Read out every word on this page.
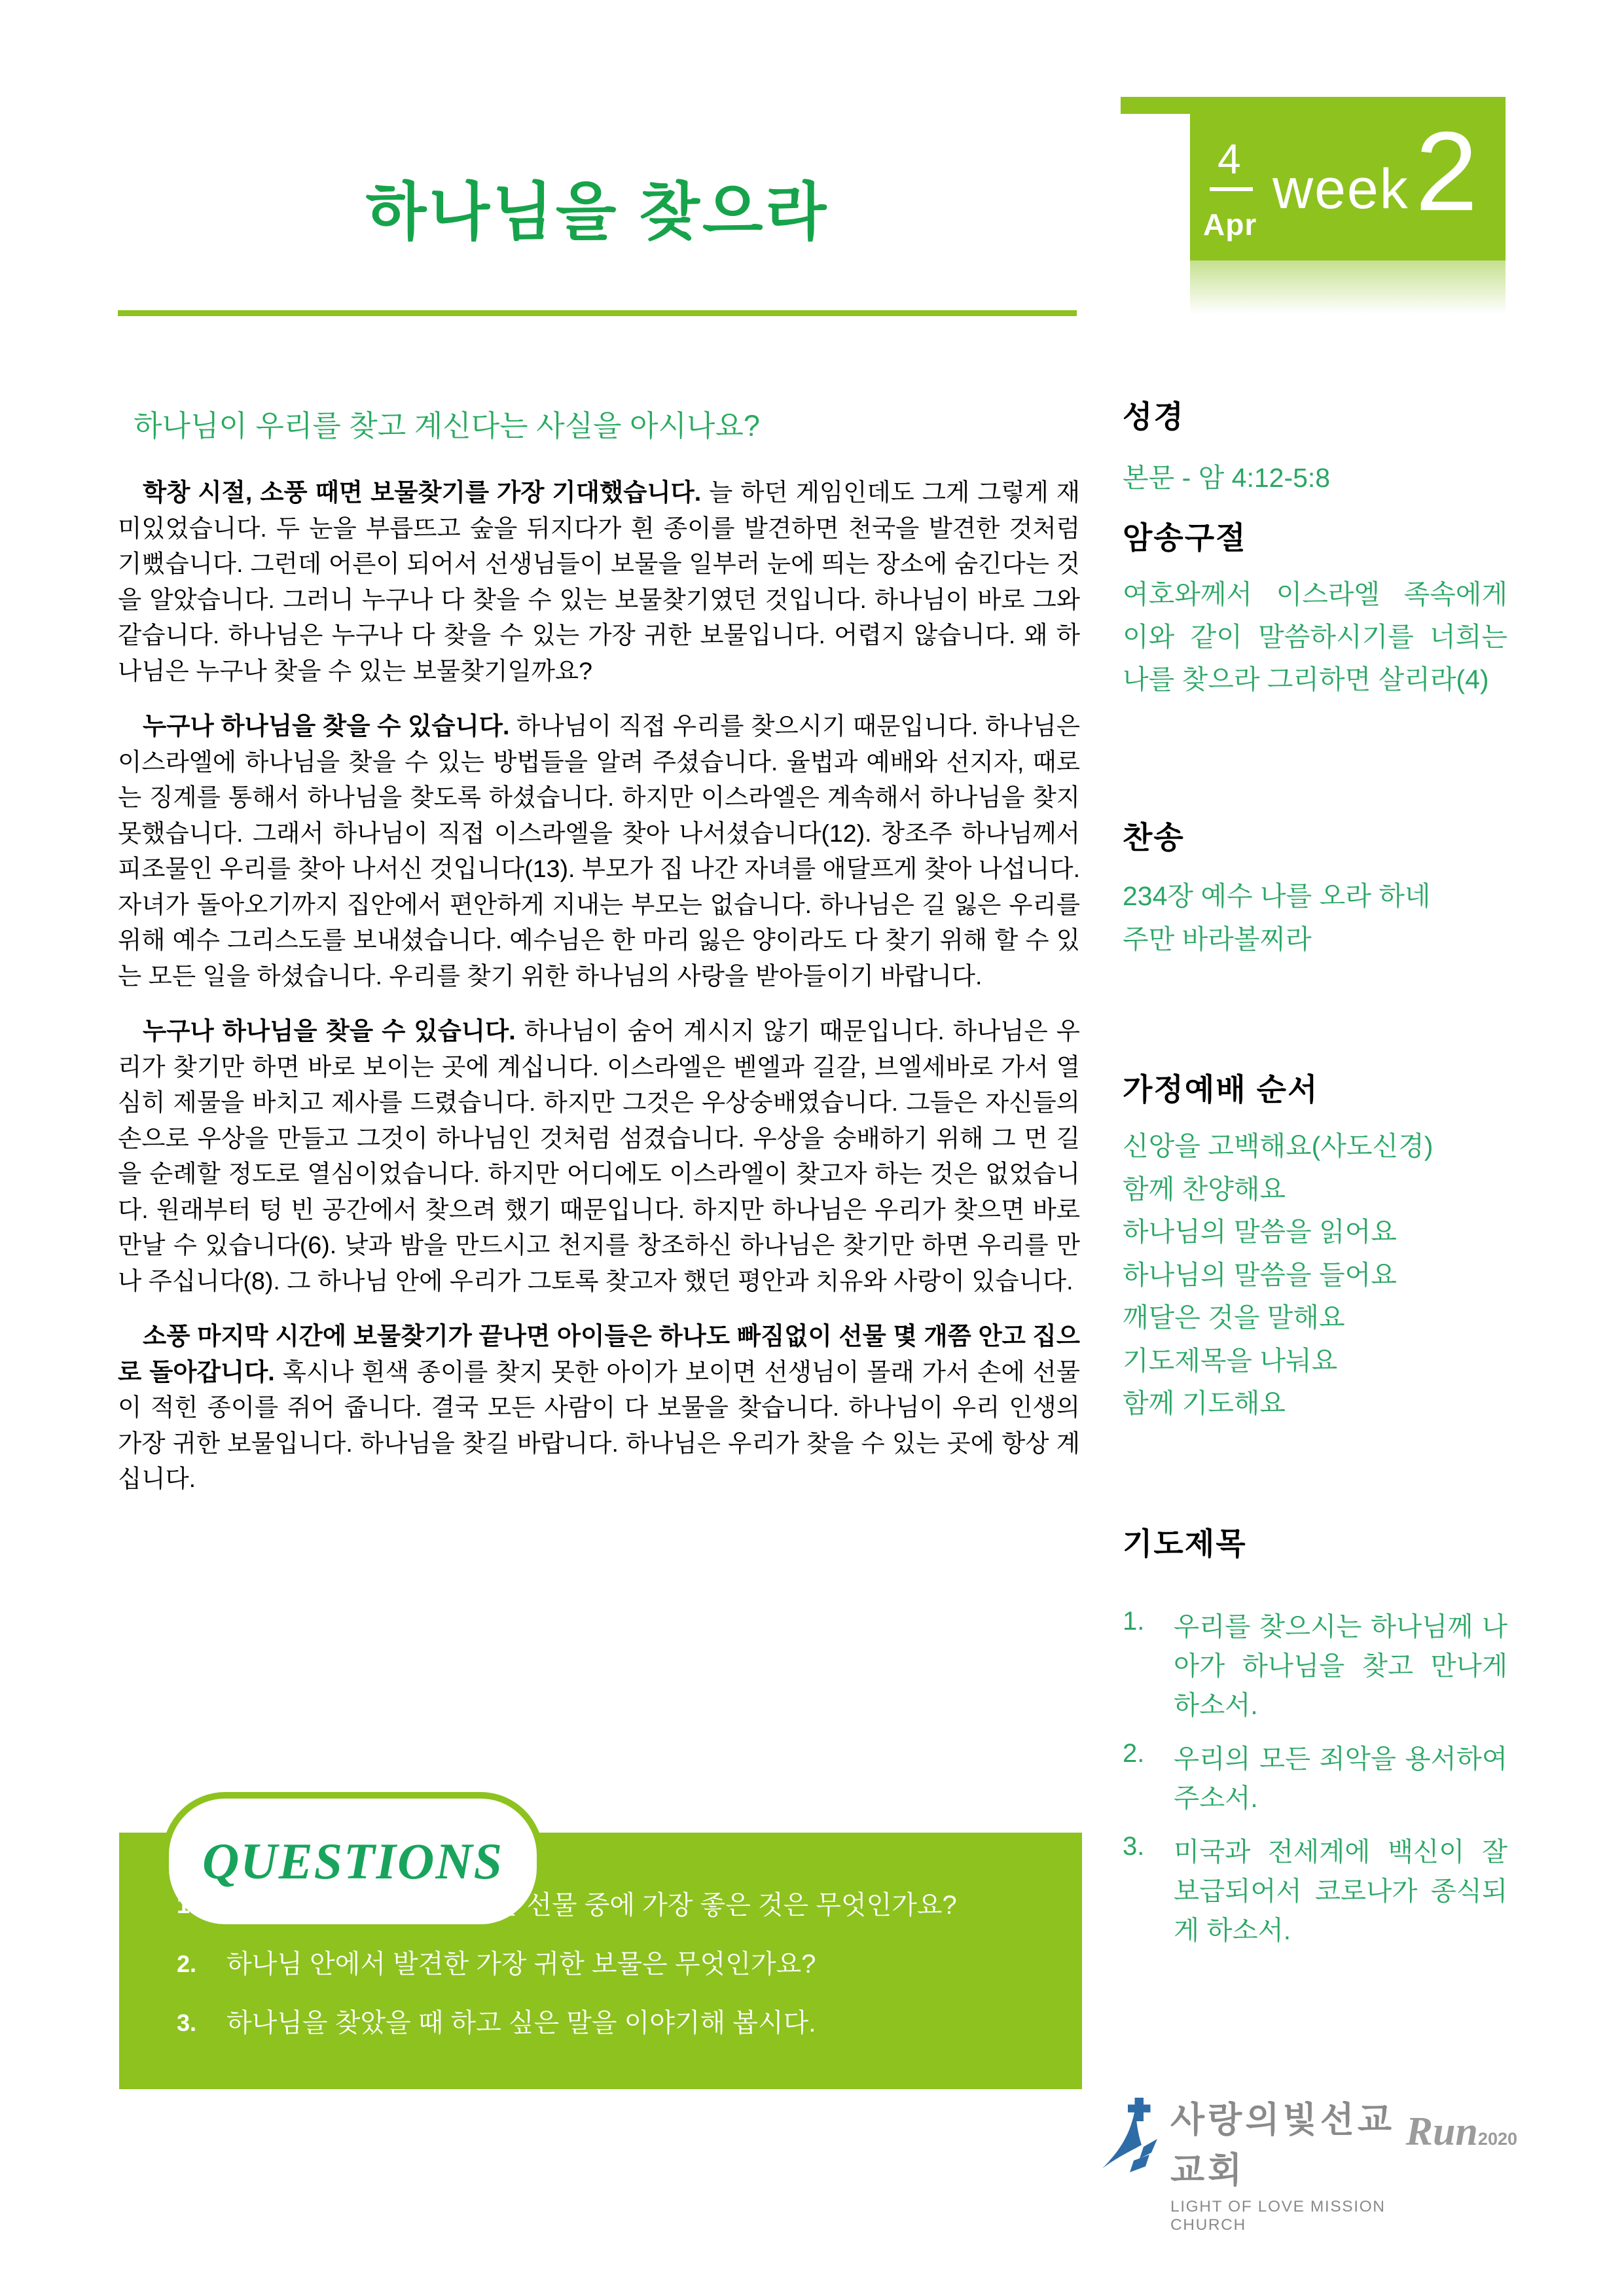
하나님을 찾으라
4
Apr
week 2
하나님이 우리를 찾고 계신다는 사실을 아시나요?

학창 시절, 소풍 때면 보물찾기를 가장 기대했습니다. 늘 하던 게임인데도 그게 그렇게 재미있었습니다. 두 눈을 부릅뜨고 숲을 뒤지다가 흰 종이를 발견하면 천국을 발견한 것처럼 기뻤습니다. 그런데 어른이 되어서 선생님들이 보물을 일부러 눈에 띄는 장소에 숨긴다는 것을 알았습니다. 그러니 누구나 다 찾을 수 있는 보물찾기였던 것입니다. 하나님이 바로 그와 같습니다. 하나님은 누구나 다 찾을 수 있는 가장 귀한 보물입니다. 어렵지 않습니다. 왜 하나님은 누구나 찾을 수 있는 보물찾기일까요?

누구나 하나님을 찾을 수 있습니다. 하나님이 직접 우리를 찾으시기 때문입니다. 하나님은 이스라엘에 하나님을 찾을 수 있는 방법들을 알려 주셨습니다. 율법과 예배와 선지자, 때로는 징계를 통해서 하나님을 찾도록 하셨습니다. 하지만 이스라엘은 계속해서 하나님을 찾지 못했습니다. 그래서 하나님이 직접 이스라엘을 찾아 나서셨습니다(12). 창조주 하나님께서 피조물인 우리를 찾아 나서신 것입니다(13). 부모가 집 나간 자녀를 애달프게 찾아 나섭니다. 자녀가 돌아오기까지 집안에서 편안하게 지내는 부모는 없습니다. 하나님은 길 잃은 우리를 위해 예수 그리스도를 보내셨습니다. 예수님은 한 마리 잃은 양이라도 다 찾기 위해 할 수 있는 모든 일을 하셨습니다. 우리를 찾기 위한 하나님의 사랑을 받아들이기 바랍니다.

누구나 하나님을 찾을 수 있습니다. 하나님이 숨어 계시지 않기 때문입니다. 하나님은 우리가 찾기만 하면 바로 보이는 곳에 계십니다. 이스라엘은 벧엘과 길갈, 브엘세바로 가서 열심히 제물을 바치고 제사를 드렸습니다. 하지만 그것은 우상숭배였습니다. 그들은 자신들의 손으로 우상을 만들고 그것이 하나님인 것처럼 섬겼습니다. 우상을 숭배하기 위해 그 먼 길을 순례할 정도로 열심이었습니다. 하지만 어디에도 이스라엘이 찾고자 하는 것은 없었습니다. 원래부터 텅 빈 공간에서 찾으려 했기 때문입니다. 하지만 하나님은 우리가 찾으면 바로 만날 수 있습니다(6). 낮과 밤을 만드시고 천지를 창조하신 하나님은 찾기만 하면 우리를 만나 주십니다(8). 그 하나님 안에 우리가 그토록 찾고자 했던 평안과 치유와 사랑이 있습니다.

소풍 마지막 시간에 보물찾기가 끝나면 아이들은 하나도 빠짐없이 선물 몇 개쯤 안고 집으로 돌아갑니다. 혹시나 흰색 종이를 찾지 못한 아이가 보이면 선생님이 몰래 가서 손에 선물이 적힌 종이를 쥐어 줍니다. 결국 모든 사람이 다 보물을 찾습니다. 하나님이 우리 인생의 가장 귀한 보물입니다. 하나님을 찾길 바랍니다. 하나님은 우리가 찾을 수 있는 곳에 항상 계십니다.

QUESTIONS
1.	보물찾기나 지금까지 받은 선물 중에 가장 좋은 것은 무엇인가요?
2.	하나님 안에서 발견한 가장 귀한 보물은 무엇인가요?
3.	하나님을 찾았을 때 하고 싶은 말을 이야기해 봅시다.
성경
본문 - 암 4:12-5:8
암송구절
여호와께서 이스라엘 족속에게
이와 같이 말씀하시기를 너희는
나를 찾으라 그리하면 살리라(4)
찬송
234장 예수 나를 오라 하네
주만 바라볼찌라
가정예배 순서
신앙을 고백해요(사도신경)
함께 찬양해요
하나님의 말씀을 읽어요
하나님의 말씀을 들어요
깨달은 것을 말해요
기도제목을 나눠요
함께 기도해요
기도제목
1.	우리를 찾으시는 하나님께 나아가 하나님을 찾고 만나게 하소서.
2.	우리의 모든 죄악을 용서하여 주소서.
3.	미국과 전세계에 백신이 잘 보급되어서 코로나가 종식되게 하소서.
사랑의빛선교교회
LIGHT OF LOVE MISSION CHURCH
Run2020
